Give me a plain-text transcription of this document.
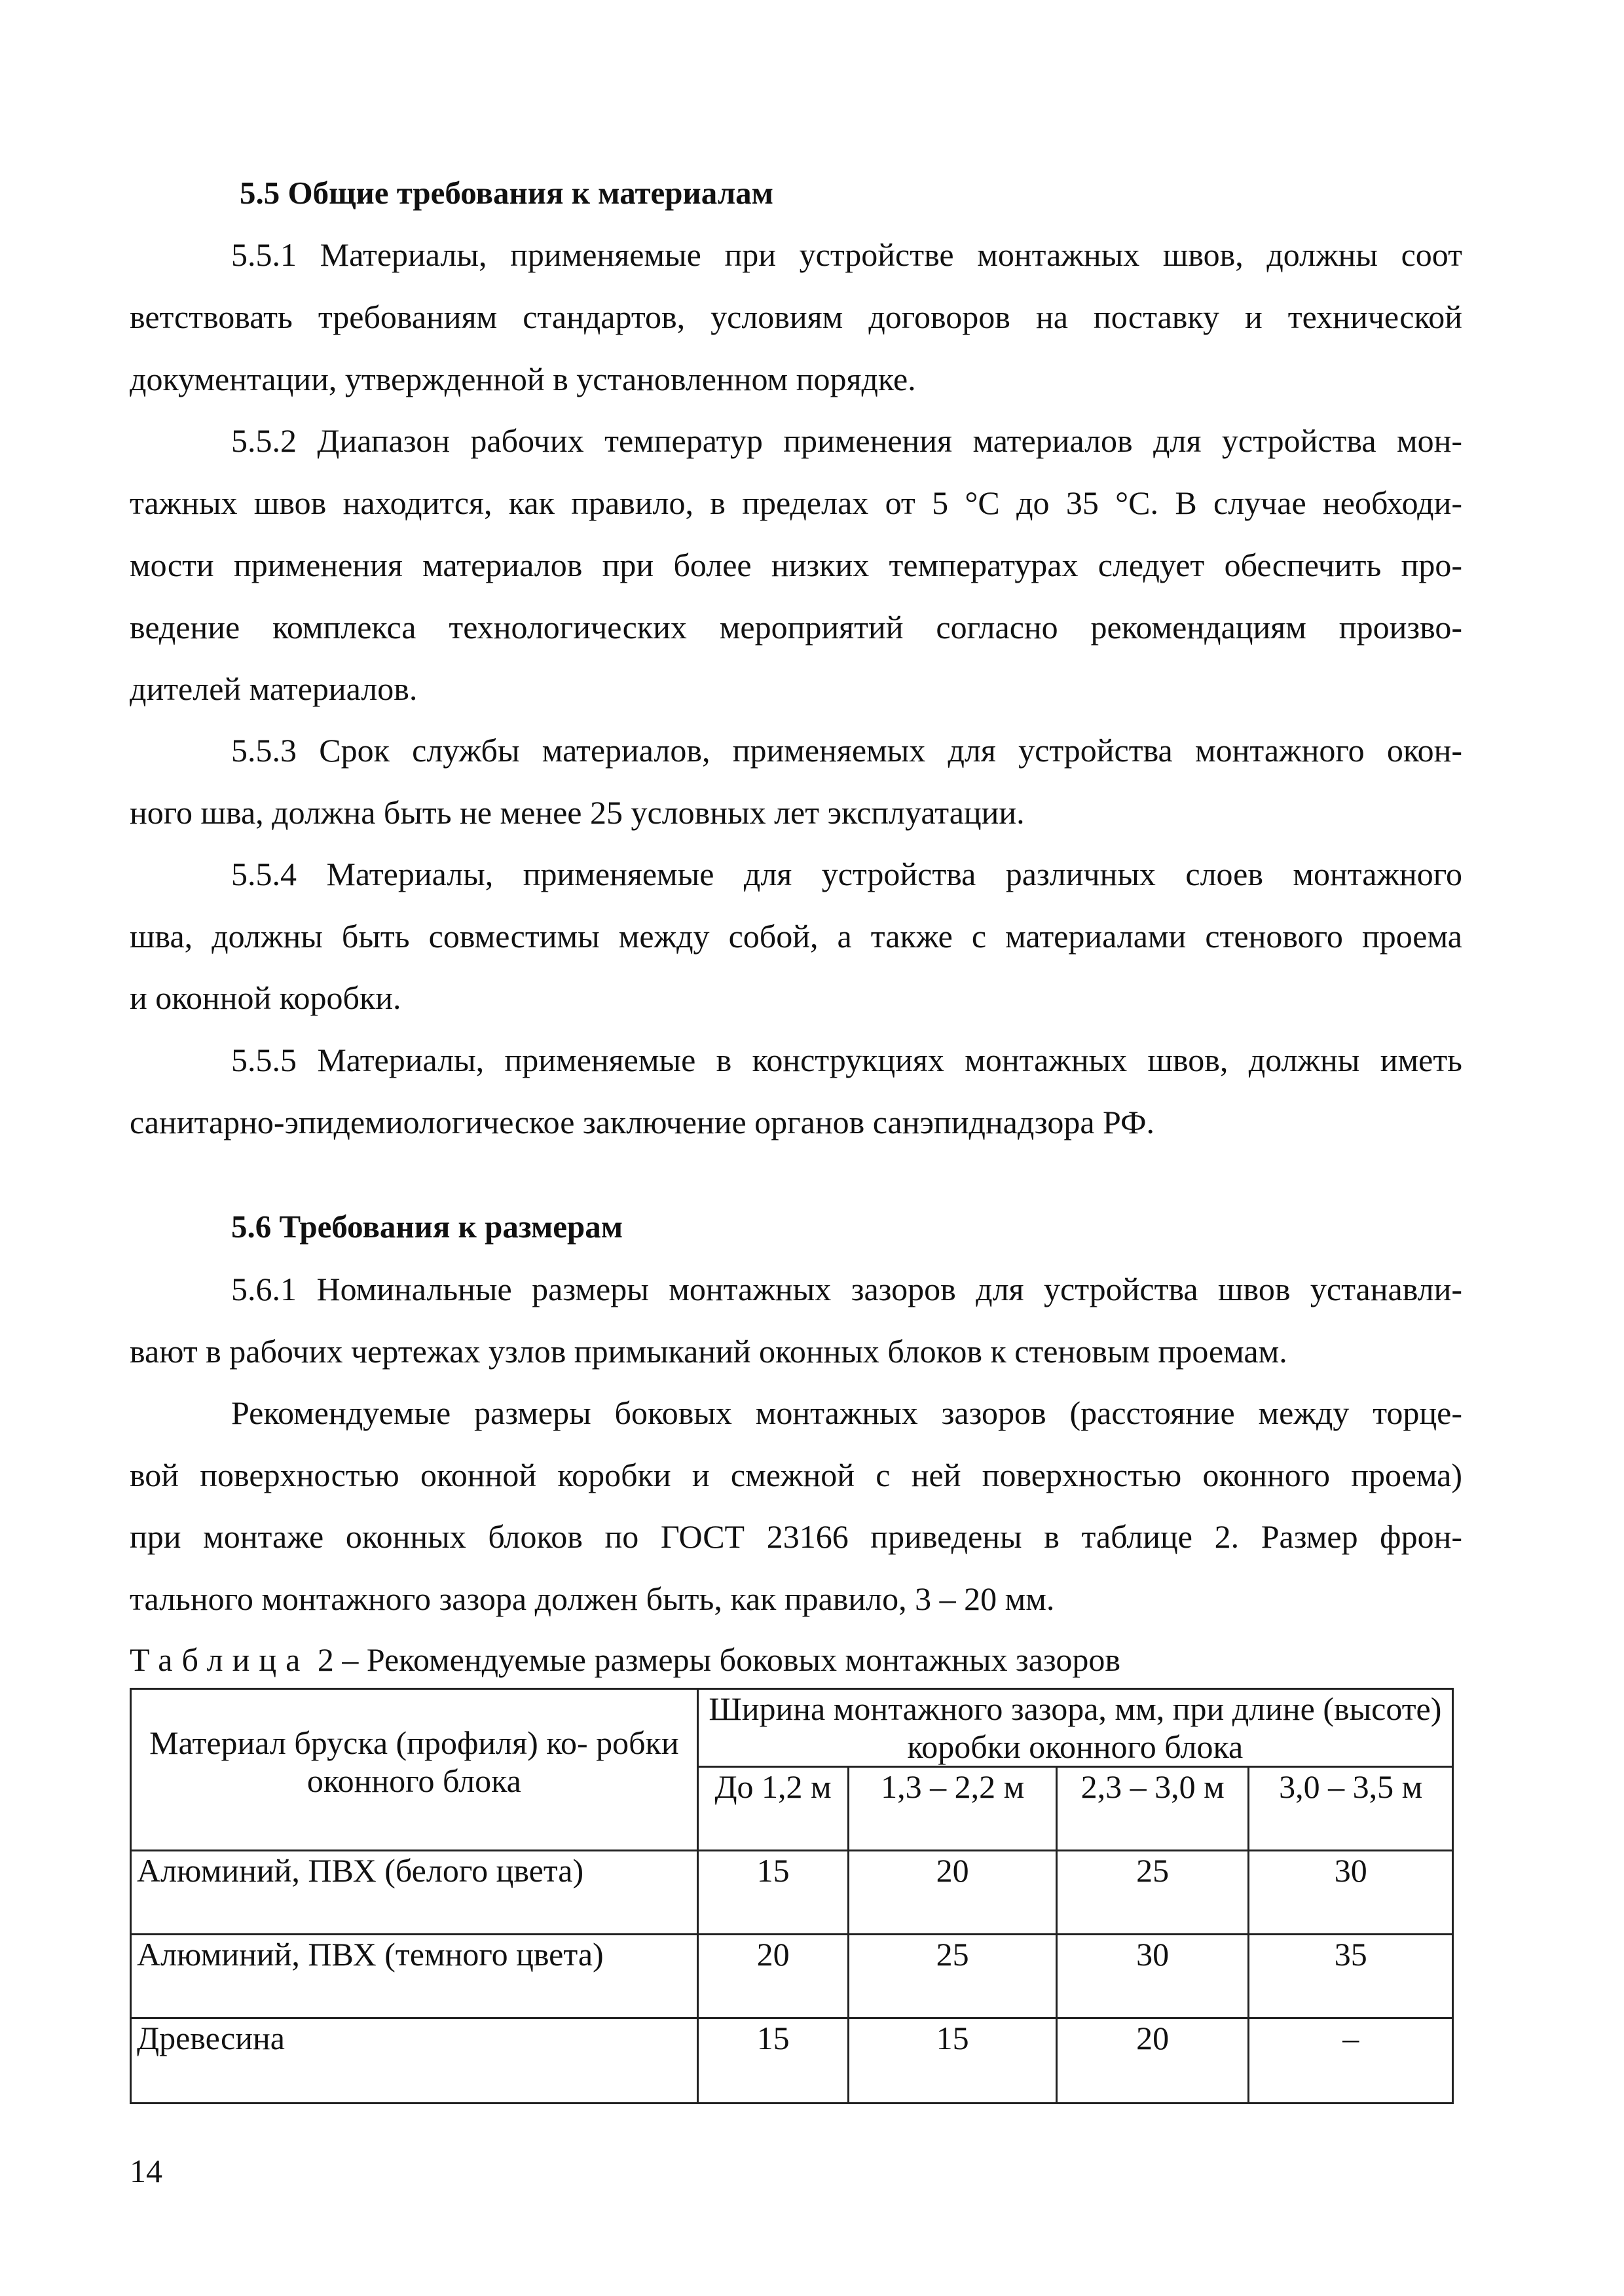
5.5 Общие требования к материалам
5.5.1 Материалы, применяемые при устройстве монтажных швов, должны соот
ветствовать требованиям стандартов, условиям договоров на поставку и технической
документации, утвержденной в установленном порядке.
5.5.2 Диапазон рабочих температур применения материалов для устройства мон-
тажных швов находится, как правило, в пределах от 5 °С до 35 °С. В случае необходи-
мости применения материалов при более низких температурах следует обеспечить про-
ведение комплекса технологических мероприятий согласно рекомендациям произво-
дителей материалов.
5.5.3 Срок службы материалов, применяемых для устройства монтажного окон-
ного шва, должна быть не менее 25 условных лет эксплуатации.
5.5.4 Материалы, применяемые для устройства различных слоев монтажного
шва, должны быть совместимы между собой, а также с материалами стенового проема
и оконной коробки.
5.5.5 Материалы, применяемые в конструкциях монтажных швов, должны иметь
санитарно-эпидемиологическое заключение органов санэпиднадзора РФ.
5.6 Требования к размерам
5.6.1 Номинальные размеры монтажных зазоров для устройства швов устанавли-
вают в рабочих чертежах узлов примыканий оконных блоков к стеновым проемам.
Рекомендуемые размеры боковых монтажных зазоров (расстояние между торце-
вой поверхностью оконной коробки и смежной с ней поверхностью оконного проема)
при монтаже оконных блоков по ГОСТ 23166 приведены в таблице 2. Размер фрон-
тального монтажного зазора должен быть, как правило, 3 – 20 мм.
Таблица 2 – Рекомендуемые размеры боковых монтажных зазоров
Материал бруска (профиля) ко- робки оконного блока	Ширина монтажного зазора, мм, при длине (высоте) коробки оконного блока			
	До 1,2 м	1,3 – 2,2 м	2,3 – 3,0 м	3,0 – 3,5 м
Алюминий, ПВХ (белого цвета)	15	20	25	30
Алюминий, ПВХ (темного цвета)	20	25	30	35
Древесина	15	15	20	–
14
